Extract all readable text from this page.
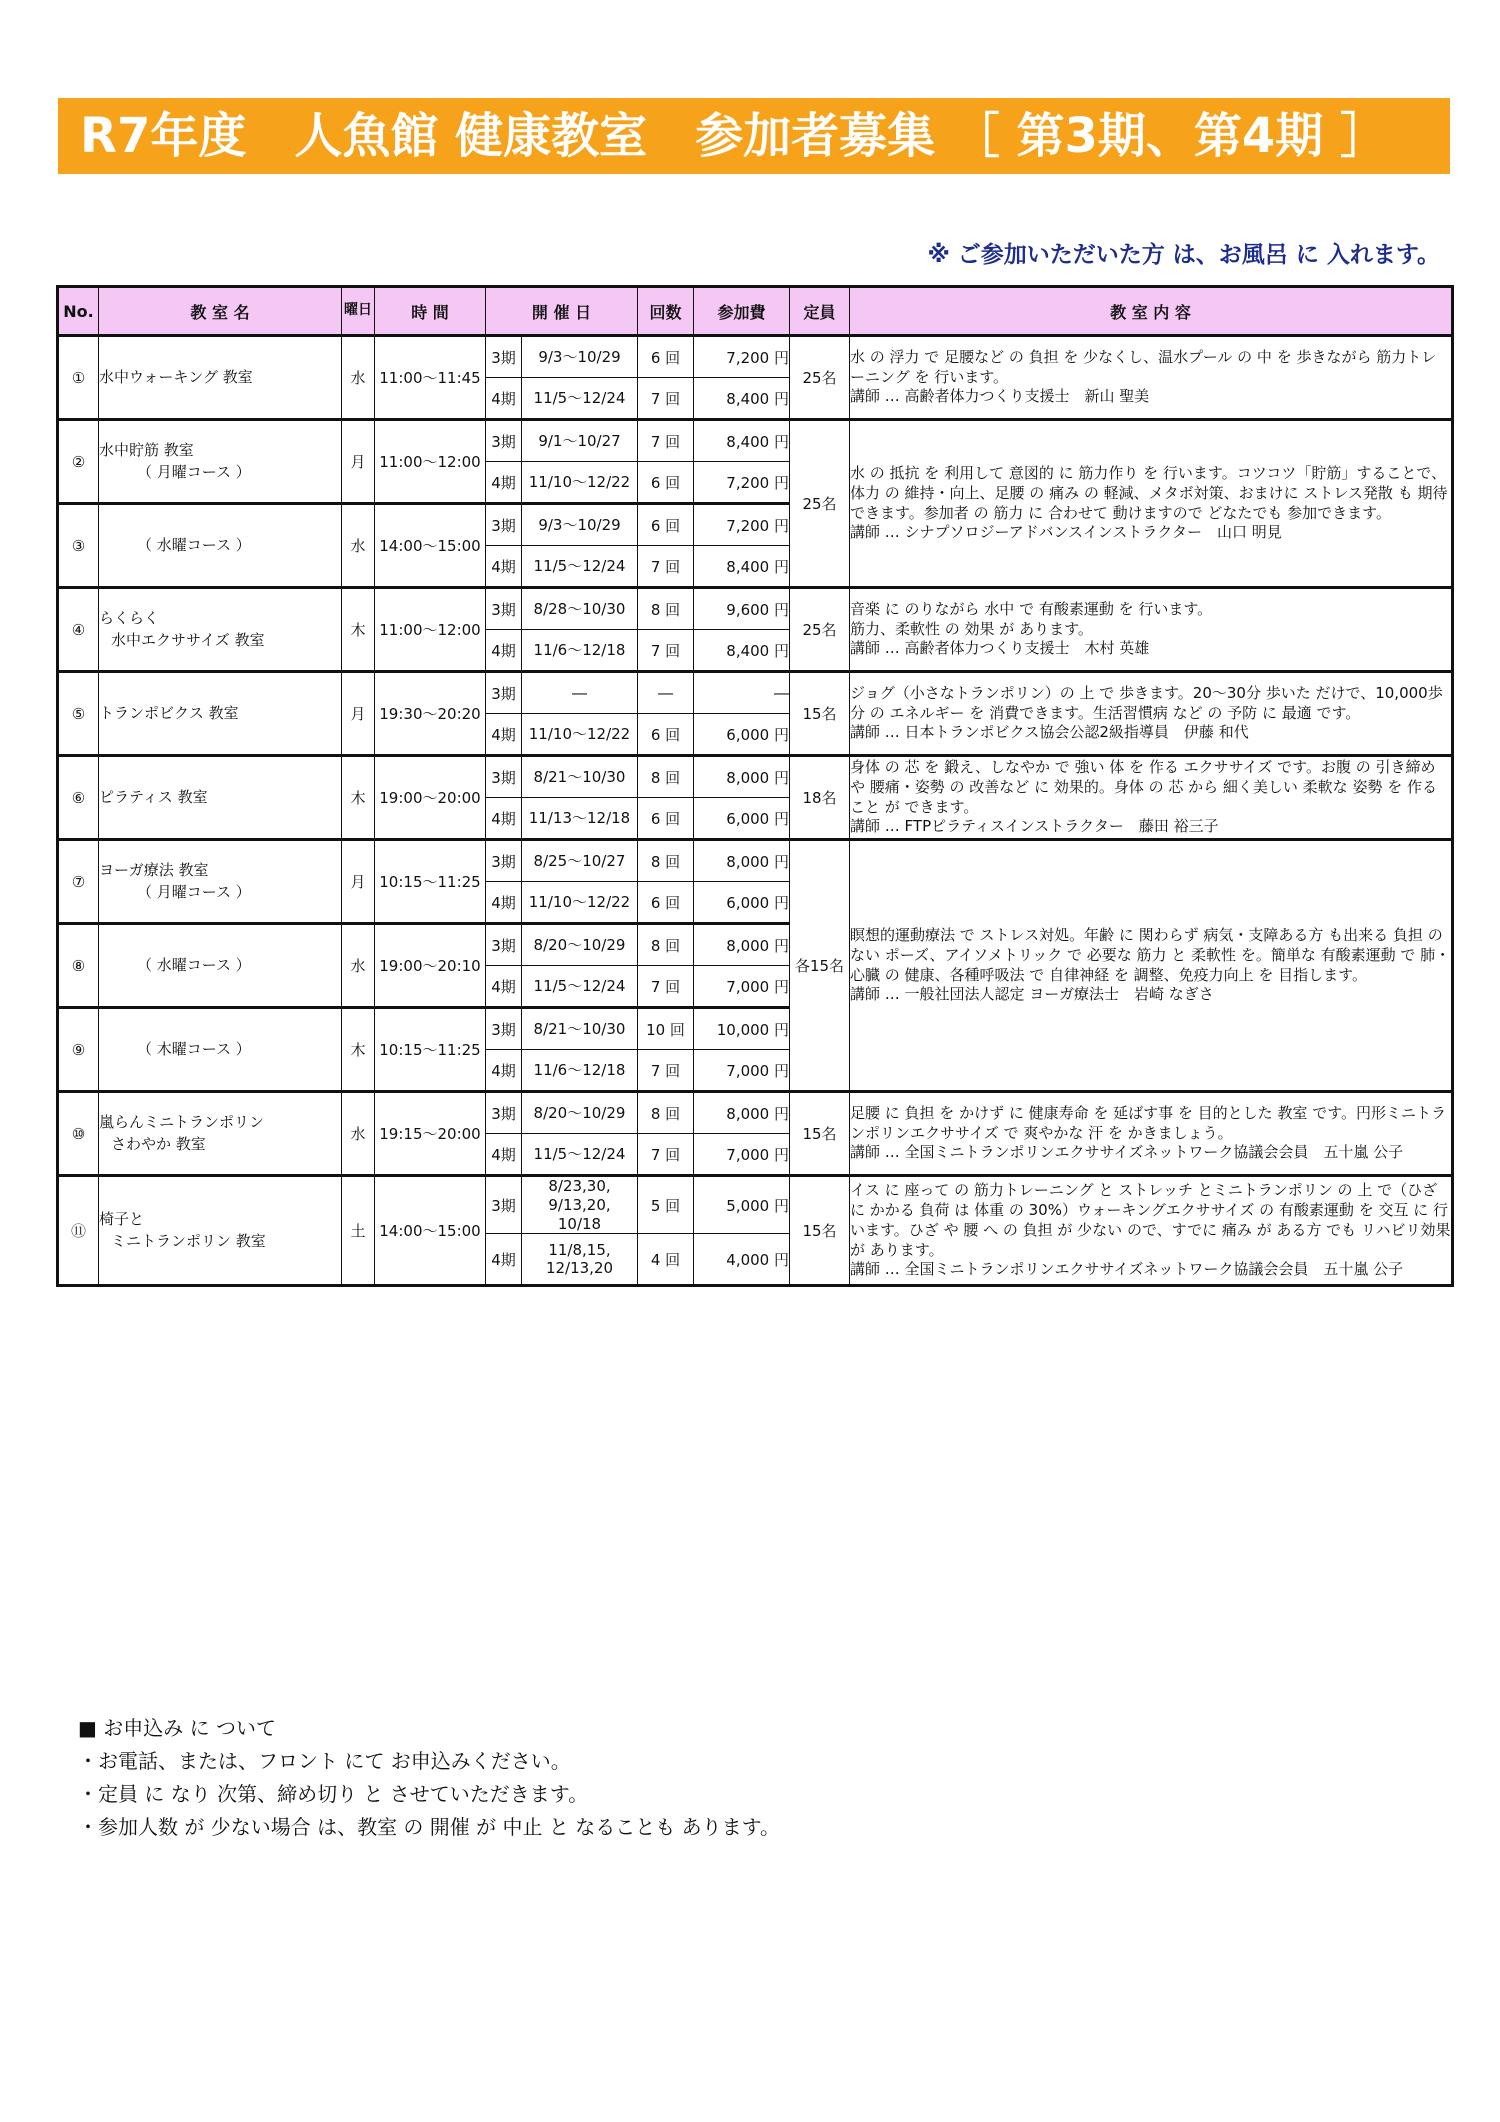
R7年度　人魚館 健康教室　参加者募集 ［ 第3期、第4期 ］
※ ご参加いただいた方 は、お風呂 に 入れます。
No.	教 室 名	曜日	時 間	開 催 日		回数	参加費	定員	教 室 内 容
①	水中ウォーキング 教室	水	11:00～11:45	3期	9/3～10/29	6 回	7,200 円	25名	水 の 浮力 で 足腰など の 負担 を 少なくし、温水プール の 中 を 歩きながら 筋力トレーニング を 行います。
講師 … 高齢者体力つくり支援士　新山 聖美
				4期	11/5～12/24	7 回	8,400 円		
②	水中貯筋 教室
（ 月曜コース ）	月	11:00～12:00	3期	9/1～10/27	7 回	8,400 円	25名	水 の 抵抗 を 利用して 意図的 に 筋力作り を 行います。コツコツ「貯筋」することで、体力 の 維持・向上、足腰 の 痛み の 軽減、メタボ対策、おまけに ストレス発散 も 期待できます。参加者 の 筋力 に 合わせて 動けますので どなたでも 参加できます。
講師 … シナプソロジーアドバンスインストラクター　山口 明見
				4期	11/10～12/22	6 回	7,200 円		
③	（ 水曜コース ）	水	14:00～15:00	3期	9/3～10/29	6 回	7,200 円		
				4期	11/5～12/24	7 回	8,400 円		
④	らくらく
水中エクササイズ 教室	木	11:00～12:00	3期	8/28～10/30	8 回	9,600 円	25名	音楽 に のりながら 水中 で 有酸素運動 を 行います。
筋力、柔軟性 の 効果 が あります。
講師 … 高齢者体力つくり支援士　木村 英雄
				4期	11/6～12/18	7 回	8,400 円		
⑤	トランポビクス 教室	月	19:30～20:20	3期	―	―	―	15名	ジョグ（小さなトランポリン）の 上 で 歩きます。20～30分 歩いた だけで、10,000歩分 の エネルギー を 消費できます。生活習慣病 など の 予防 に 最適 です。
講師 … 日本トランポビクス協会公認2級指導員　伊藤 和代
				4期	11/10～12/22	6 回	6,000 円		
⑥	ピラティス 教室	木	19:00～20:00	3期	8/21～10/30	8 回	8,000 円	18名	身体 の 芯 を 鍛え、しなやか で 強い 体 を 作る エクササイズ です。お腹 の 引き締め や 腰痛・姿勢 の 改善など に 効果的。身体 の 芯 から 細く美しい 柔軟な 姿勢 を 作ること が できます。
講師 … FTPピラティスインストラクター　藤田 裕三子
				4期	11/13～12/18	6 回	6,000 円		
⑦	ヨーガ療法 教室
（ 月曜コース ）	月	10:15～11:25	3期	8/25～10/27	8 回	8,000 円	各15名	瞑想的運動療法 で ストレス対処。年齢 に 関わらず 病気・支障ある方 も出来る 負担 の ない ポーズ、アイソメトリック で 必要な 筋力 と 柔軟性 を。簡単な 有酸素運動 で 肺・心臓 の 健康、各種呼吸法 で 自律神経 を 調整、免疫力向上 を 目指します。
講師 … 一般社団法人認定 ヨーガ療法士　岩崎 なぎさ
				4期	11/10～12/22	6 回	6,000 円		
⑧	（ 水曜コース ）	水	19:00～20:10	3期	8/20～10/29	8 回	8,000 円		
				4期	11/5～12/24	7 回	7,000 円		
⑨	（ 木曜コース ）	木	10:15～11:25	3期	8/21～10/30	10 回	10,000 円		
				4期	11/6～12/18	7 回	7,000 円		
⑩	嵐らんミニトランポリン
さわやか 教室	水	19:15～20:00	3期	8/20～10/29	8 回	8,000 円	15名	足腰 に 負担 を かけず に 健康寿命 を 延ばす事 を 目的とした 教室 です。円形ミニトランポリンエクササイズ で 爽やかな 汗 を かきましょう。
講師 … 全国ミニトランポリンエクササイズネットワーク協議会会員　五十嵐 公子
				4期	11/5～12/24	7 回	7,000 円		
⑪	椅子と
ミニトランポリン 教室	土	14:00～15:00	3期	8/23,30,
9/13,20,
10/18	5 回	5,000 円	15名	イス に 座って の 筋力トレーニング と ストレッチ とミニトランポリン の 上 で（ひざ に かかる 負荷 は 体重 の 30%）ウォーキングエクササイズ の 有酸素運動 を 交互 に 行います。ひざ や 腰 へ の 負担 が 少ない ので、すでに 痛み が ある方 でも リハビリ効果 が あります。
講師 … 全国ミニトランポリンエクササイズネットワーク協議会会員　五十嵐 公子
				4期	11/8,15,
12/13,20	4 回	4,000 円		
■ お申込み に ついて
・お電話、または、フロント にて お申込みください。
・定員 に なり 次第、締め切り と させていただきます。
・参加人数 が 少ない場合 は、教室 の 開催 が 中止 と なることも あります。
